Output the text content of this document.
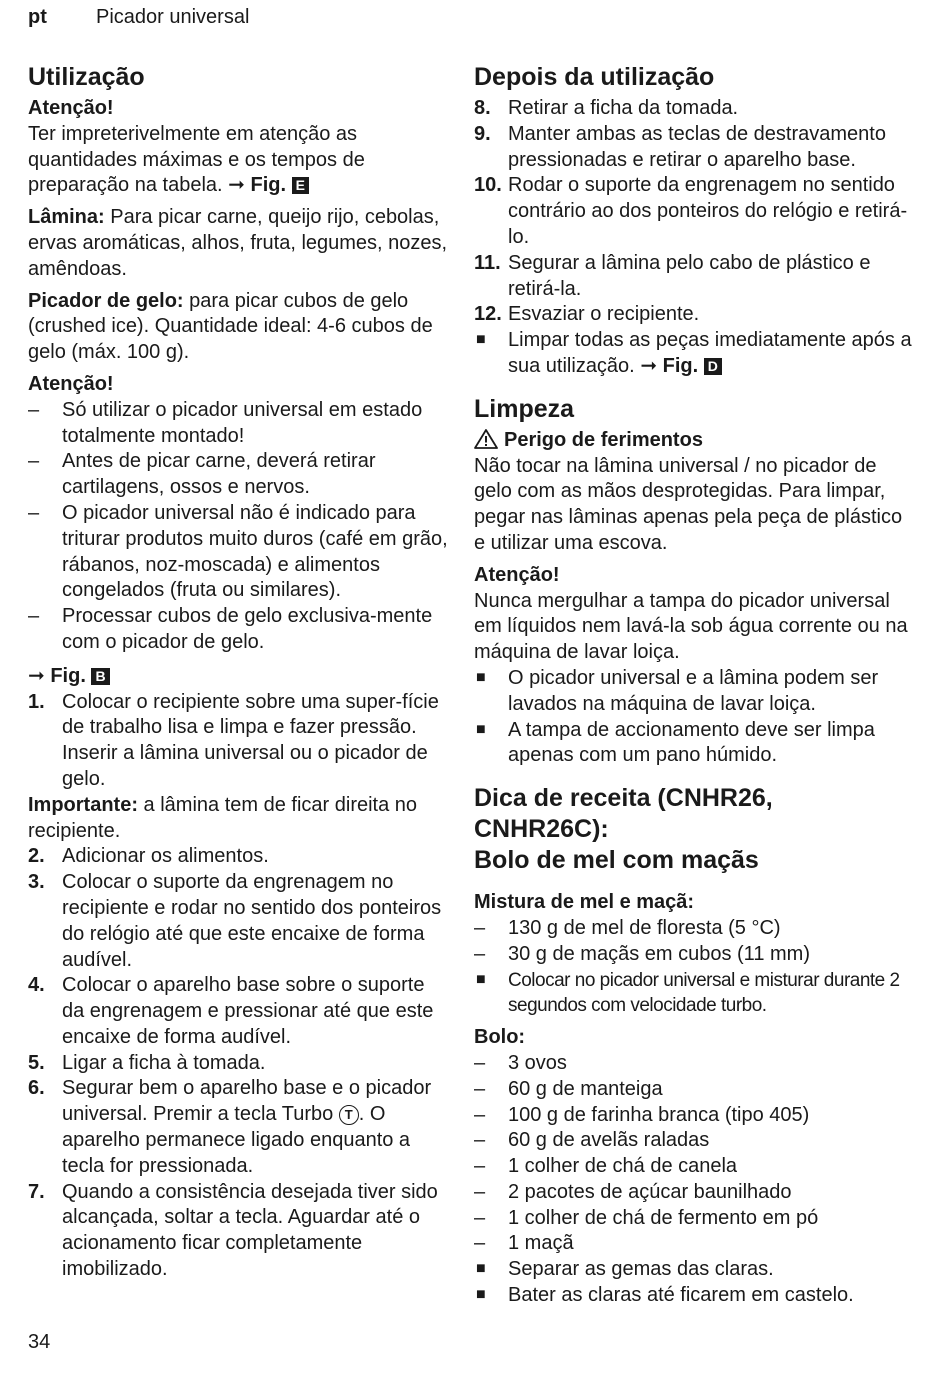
pt Picador universal
Utilização
Atenção!

Ter impreterivelmente em atenção as quantidades máximas e os tempos de preparação na tabela. ➞ Fig. E

Lâmina: Para picar carne, queijo rijo, cebolas, ervas aromáticas, alhos, fruta, legumes, nozes, amêndoas.

Picador de gelo: para picar cubos de gelo (crushed ice). Quantidade ideal: 4-6 cubos de gelo (máx. 100 g).

Atenção!
– Só utilizar o picador universal em estado totalmente montado!
– Antes de picar carne, deverá retirar cartilagens, ossos e nervos.
– O picador universal não é indicado para triturar produtos muito duros (café em grão, rábanos, noz-moscada) e alimentos congelados (fruta ou similares).
– Processar cubos de gelo exclusiva-mente com o picador de gelo.
➞ Fig. B
1. Colocar o recipiente sobre uma super-fície de trabalho lisa e limpa e fazer pressão. Inserir a lâmina universal ou o picador de gelo.

Importante: a lâmina tem de ficar direita no recipiente.

2. Adicionar os alimentos.
3. Colocar o suporte da engrenagem no recipiente e rodar no sentido dos ponteiros do relógio até que este encaixe de forma audível.
4. Colocar o aparelho base sobre o suporte da engrenagem e pressionar até que este encaixe de forma audível.
5. Ligar a ficha à tomada.
6. Segurar bem o aparelho base e o picador universal. Premir a tecla Turbo T . O aparelho permanece ligado enquanto a tecla for pressionada.
7. Quando a consistência desejada tiver sido alcançada, soltar a tecla. Aguardar até o acionamento ficar completamente imobilizado.
Depois da utilização
8. Retirar a ficha da tomada.
9. Manter ambas as teclas de destravamento pressionadas e retirar o aparelho base.
10. Rodar o suporte da engrenagem no sentido contrário ao dos ponteiros do relógio e retirá-lo.
11. Segurar a lâmina pelo cabo de plástico e retirá-la.
12. Esvaziar o recipiente.
■ Limpar todas as peças imediatamente após a sua utilização. ➞ Fig. D
Limpeza
Perigo de ferimentos

Não tocar na lâmina universal / no picador de gelo com as mãos desprotegidas. Para limpar, pegar nas lâminas apenas pela peça de plástico e utilizar uma escova.

Atenção!

Nunca mergulhar a tampa do picador universal em líquidos nem lavá-la sob água corrente ou na máquina de lavar loiça.

■ O picador universal e a lâmina podem ser lavados na máquina de lavar loiça.
■ A tampa de accionamento deve ser limpa apenas com um pano húmido.
Dica de receita (CNHR26,
CNHR26C):
Bolo de mel com maçãs
Mistura de mel e maçã:
– 130 g de mel de floresta (5 °C)
– 30 g de maçãs em cubos (11 mm)
■ Colocar no picador universal e misturar durante 2 segundos com velocidade turbo.
Bolo:
– 3 ovos
– 60 g de manteiga
– 100 g de farinha branca (tipo 405)
– 60 g de avelãs raladas
– 1 colher de chá de canela
– 2 pacotes de açúcar baunilhado
– 1 colher de chá de fermento em pó
– 1 maçã
■ Separar as gemas das claras.
■ Bater as claras até ficarem em castelo.
34
